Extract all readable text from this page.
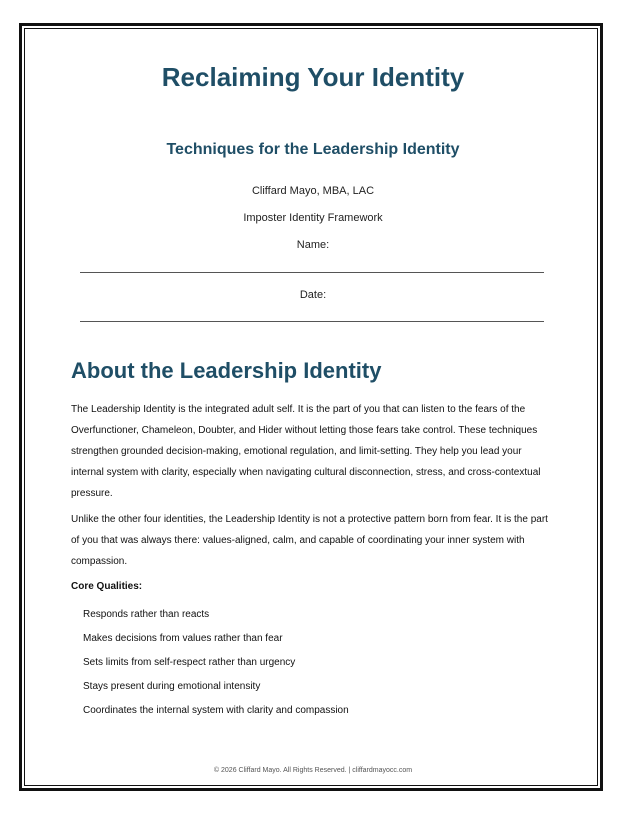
Reclaiming Your Identity
Techniques for the Leadership Identity
Cliffard Mayo, MBA, LAC
Imposter Identity Framework
Name:
Date:
About the Leadership Identity

The Leadership Identity is the integrated adult self. It is the part of you that can listen to the fears of the Overfunctioner, Chameleon, Doubter, and Hider without letting those fears take control. These techniques strengthen grounded decision-making, emotional regulation, and limit-setting. They help you lead your internal system with clarity, especially when navigating cultural disconnection, stress, and cross-contextual pressure.

Unlike the other four identities, the Leadership Identity is not a protective pattern born from fear. It is the part of you that was always there: values-aligned, calm, and capable of coordinating your inner system with compassion.

Core Qualities:
Responds rather than reacts
Makes decisions from values rather than fear
Sets limits from self-respect rather than urgency
Stays present during emotional intensity
Coordinates the internal system with clarity and compassion
© 2026 Cliffard Mayo. All Rights Reserved. | cliffardmayocc.com
